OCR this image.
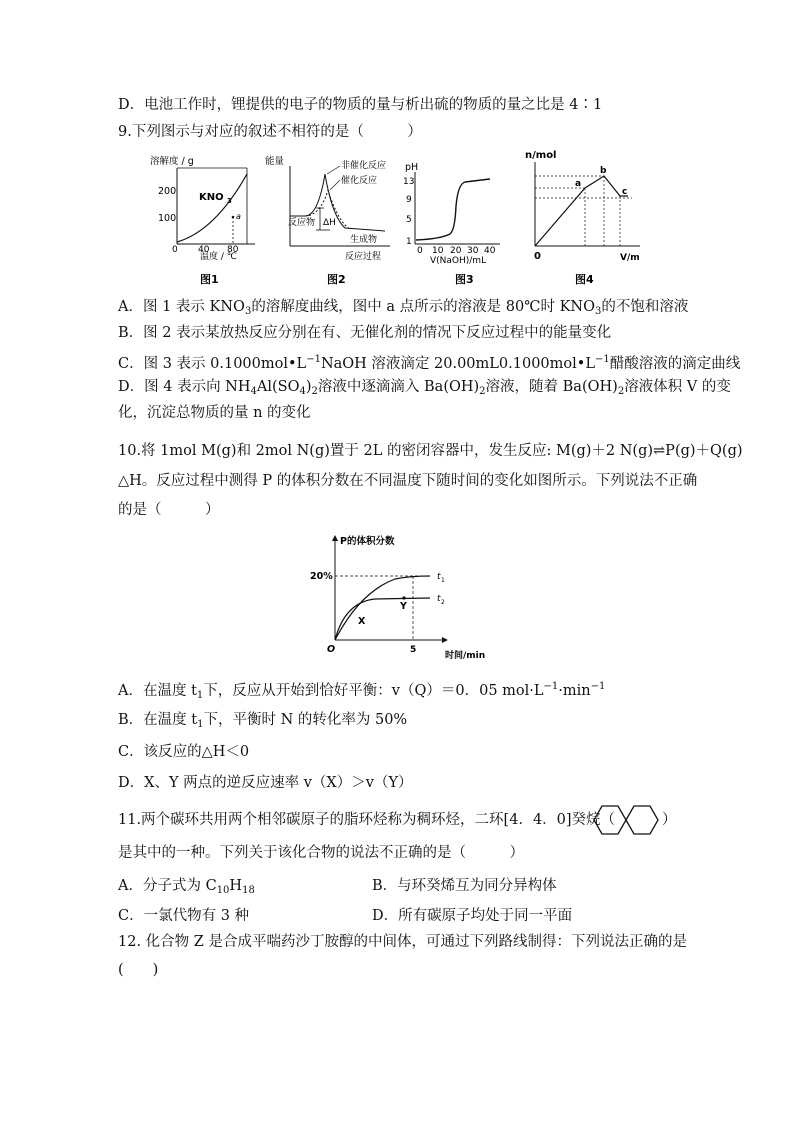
D．电池工作时，锂提供的电子的物质的量与析出硫的物质的量之比是 4∶1
9.下列图示与对应的叙述不相符的是（　　　）
溶解度 / g
200
100
KNO 3
a
0 40 80
温度 / ℃
图1
能量	非催化反应
催化反应
反应物 ΔH
生成物
反应过程
图2
pH
13
9
5
1
0 10 20 30 40
V(NaOH)/mL
图3
n/mol
a
b
c
0	V/m
图4
A．图 1 表示 $KNO_3$的溶解度曲线，图中 a 点所示的溶液是 80℃时 $KNO_3$的不饱和溶液
B．图 2 表示某放热反应分别在有、无催化剂的情况下反应过程中的能量变化
C．图 3 表示 $0.1000mol•L^{-1}NaOH$ 溶液滴定 $20.00mL0.1000mol•L^{-1}$醋酸溶液的滴定曲线
D．图 4 表示向 $NH_4Al(SO_4)_2$溶液中逐滴滴入 $Ba(OH)_2$溶液，随着 $Ba(OH)_2$溶液体积 V 的变
化，沉淀总物质的量 n 的变化
10.将 1mol M(g)和 2mol N(g)置于 2L 的密闭容器中，发生反应: M(g)＋2 N(g)⇌P(g)＋Q(g)
△H。反应过程中测得 P 的体积分数在不同温度下随时间的变化如图所示。下列说法不正确
的是（　　　）
P的体积分数
20%	t 1
t 2
X
Y
O	5
时间/min
A．在温度 $t_1$下，反应从开始到恰好平衡：v（Q）＝0．05 $mol\cdot L^{-1}\cdot\min^{-1}$
B．在温度 $t_1$下，平衡时 N 的转化率为 50%
C．该反应的△H＜0
D．X、Y 两点的逆反应速率 v（X）＞v（Y）
11.两个碳环共用两个相邻碳原子的脂环烃称为稠环烃，二环[4．4．0]癸烷（	）
是其中的一种。下列关于该化合物的说法不正确的是（　　　）
A．分子式为 $C_{10}H_{18}$	B．与环癸烯互为同分异构体
C．一氯代物有 3 种	D．所有碳原子均处于同一平面
12. 化合物 Z 是合成平喘药沙丁胺醇的中间体，可通过下列路线制得：下列说法正确的是
(　　)
